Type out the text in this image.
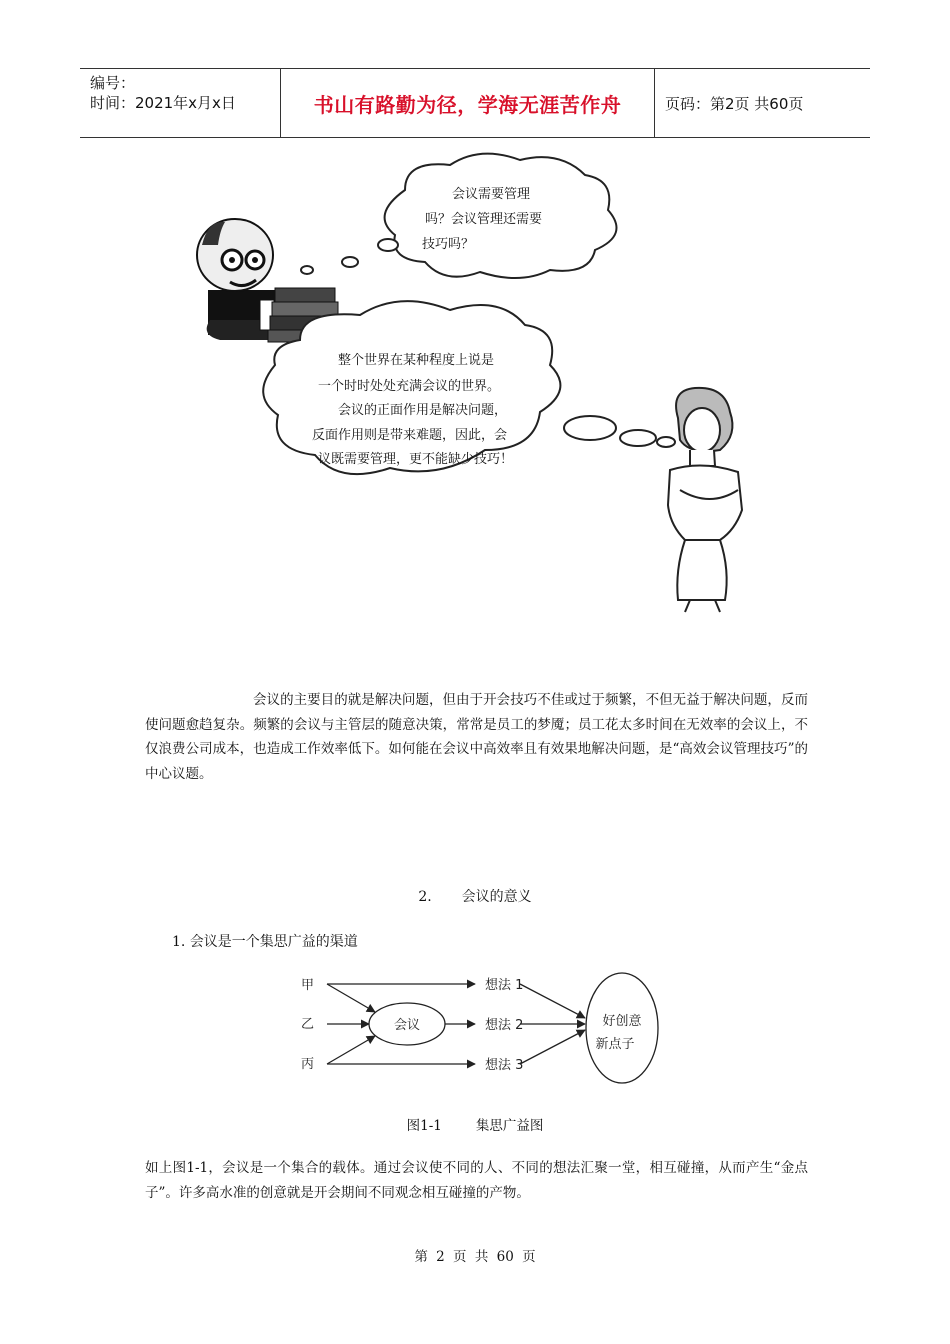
编号：
时间：2021年x月x日	书山有路勤为径，学海无涯苦作舟	页码：第2页 共60页
会议需要管理
吗？会议管理还需要
技巧吗？
整个世界在某种程度上说是
一个时时处处充满会议的世界。
会议的正面作用是解决问题，
反面作用则是带来难题，因此，会
议既需要管理，更不能缺少技巧！
会议的主要目的就是解决问题，但由于开会技巧不佳或过于频繁，不但无益于解决问题，反而使问题愈趋复杂。频繁的会议与主管层的随意决策，常常是员工的梦魇；员工花太多时间在无效率的会议上，不仅浪费公司成本，也造成工作效率低下。如何能在会议中高效率且有效果地解决问题，是“高效会议管理技巧”的中心议题。
2. 会议的意义
1. 会议是一个集思广益的渠道
甲
乙
丙
会议
想法 1
想法 2
想法 3
好创意
新点子
图1-1	集思广益图
如上图1-1，会议是一个集合的载体。通过会议使不同的人、不同的想法汇聚一堂，相互碰撞，从而产生“金点子”。许多高水准的创意就是开会期间不同观念相互碰撞的产物。
第 2 页 共 60 页
